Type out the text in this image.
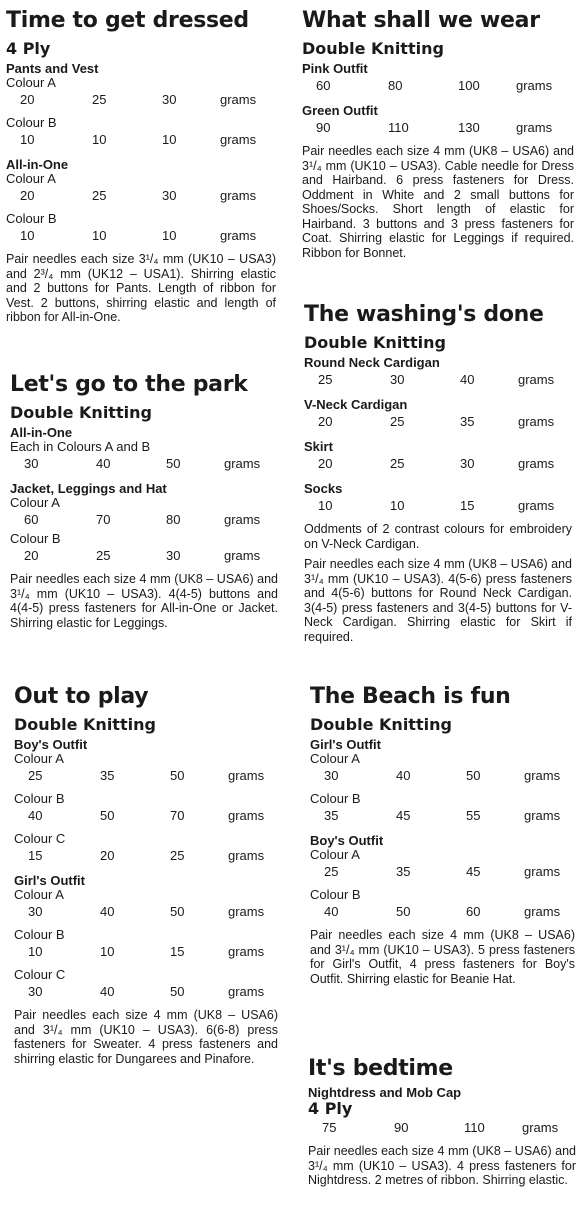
Time to get dressed
4 Ply
Pants and Vest
Colour A
20	25	30	grams
Colour B
10	10	10	grams
All-in-One
Colour A
20	25	30	grams
Colour B
10	10	10	grams

Pair needles each size 3¹/₄ mm (UK10 – USA3) and 2³/₄ mm (UK12 – USA1). Shirring elastic and 2 buttons for Pants. Length of ribbon for Vest. 2 buttons, shirring elastic and length of ribbon for All-in-One.

Let's go to the park
Double Knitting
All-in-One
Each in Colours A and B
30	40	50	grams
Jacket, Leggings and Hat
Colour A
60	70	80	grams
Colour B
20	25	30	grams

Pair needles each size 4 mm (UK8 – USA6) and 3¹/₄ mm (UK10 – USA3). 4(4-5) buttons and 4(4-5) press fasteners for All-in-One or Jacket. Shirring elastic for Leggings.

Out to play
Double Knitting
Boy's Outfit
Colour A
25	35	50	grams
Colour B
40	50	70	grams
Colour C
15	20	25	grams
Girl's Outfit
Colour A
30	40	50	grams
Colour B
10	10	15	grams
Colour C
30	40	50	grams

Pair needles each size 4 mm (UK8 – USA6) and 3¹/₄ mm (UK10 – USA3). 6(6-8) press fasteners for Sweater. 4 press fasteners and shirring elastic for Dungarees and Pinafore.

What shall we wear
Double Knitting
Pink Outfit
60	80	100	grams
Green Outfit
90	110	130	grams

Pair needles each size 4 mm (UK8 – USA6) and 3¹/₄ mm (UK10 – USA3). Cable needle for Dress and Hairband. 6 press fasteners for Dress. Oddment in White and 2 small buttons for Shoes/Socks. Short length of elastic for Hairband. 3 buttons and 3 press fasteners for Coat. Shirring elastic for Leggings if required. Ribbon for Bonnet.

The washing's done
Double Knitting
Round Neck Cardigan
25	30	40	grams
V-Neck Cardigan
20	25	35	grams
Skirt
20	25	30	grams
Socks
10	10	15	grams

Oddments of 2 contrast colours for embroidery on V-Neck Cardigan.

Pair needles each size 4 mm (UK8 – USA6) and 3¹/₄ mm (UK10 – USA3). 4(5-6) press fasteners and 4(5-6) buttons for Round Neck Cardigan. 3(4-5) press fasteners and 3(4-5) buttons for V-Neck Cardigan. Shirring elastic for Skirt if required.

The Beach is fun
Double Knitting
Girl's Outfit
Colour A
30	40	50	grams
Colour B
35	45	55	grams
Boy's Outfit
Colour A
25	35	45	grams
Colour B
40	50	60	grams

Pair needles each size 4 mm (UK8 – USA6) and 3¹/₄ mm (UK10 – USA3). 5 press fasteners for Girl's Outfit, 4 press fasteners for Boy's Outfit. Shirring elastic for Beanie Hat.

It's bedtime
Nightdress and Mob Cap
4 Ply
75	90	110	grams

Pair needles each size 4 mm (UK8 – USA6) and 3¹/₄ mm (UK10 – USA3). 4 press fasteners for Nightdress. 2 metres of ribbon. Shirring elastic.
